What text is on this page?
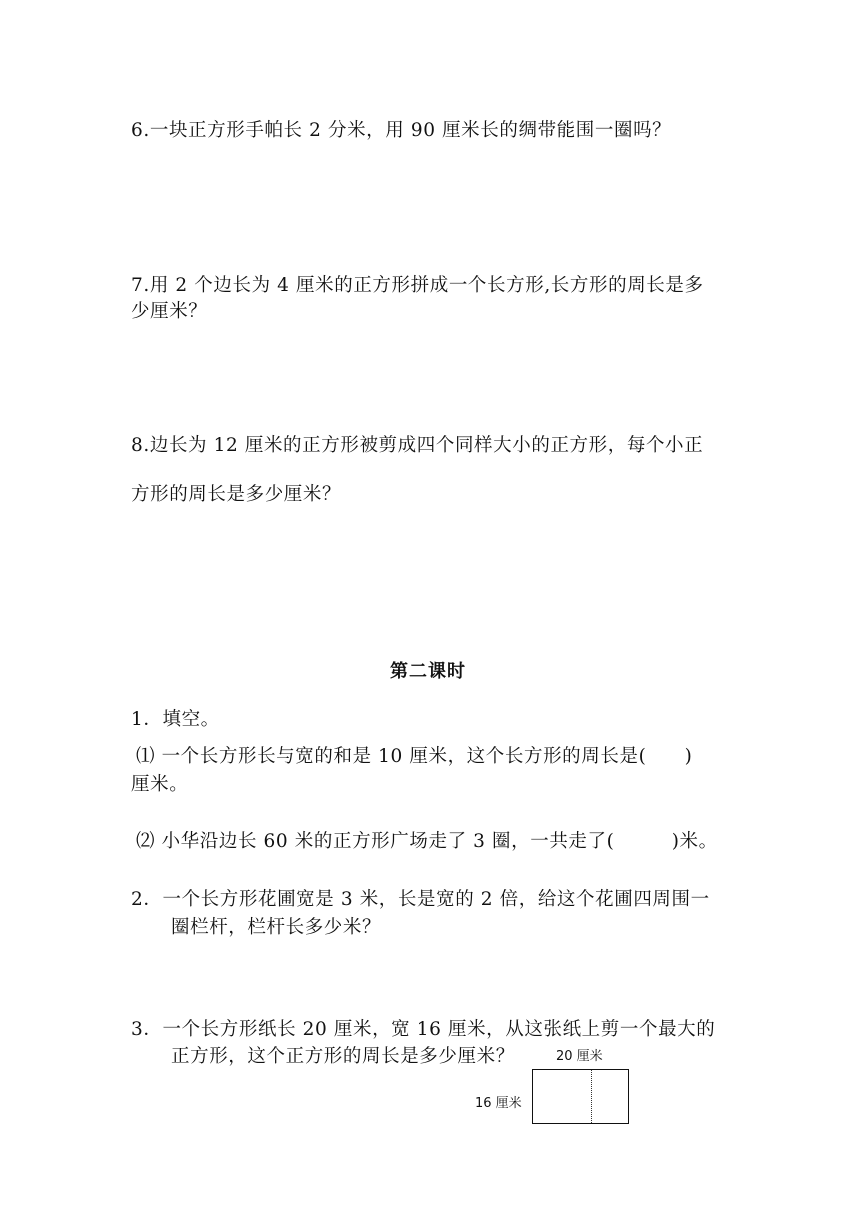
6.一块正方形手帕长 2 分米，用 90 厘米长的绸带能围一圈吗？
7.用 2 个边长为 4 厘米的正方形拼成一个长方形,长方形的周长是多
少厘米？
8.边长为 12 厘米的正方形被剪成四个同样大小的正方形，每个小正
方形的周长是多少厘米？
第二课时
1．填空。
⑴ 一个长方形长与宽的和是 10 厘米，这个长方形的周长是(　　)
厘米。
⑵ 小华沿边长 60 米的正方形广场走了 3 圈，一共走了(　　　)米。
2．一个长方形花圃宽是 3 米，长是宽的 2 倍，给这个花圃四周围一
圈栏杆，栏杆长多少米？
3．一个长方形纸长 20 厘米，宽 16 厘米，从这张纸上剪一个最大的
正方形，这个正方形的周长是多少厘米？	20 厘米
16 厘米
